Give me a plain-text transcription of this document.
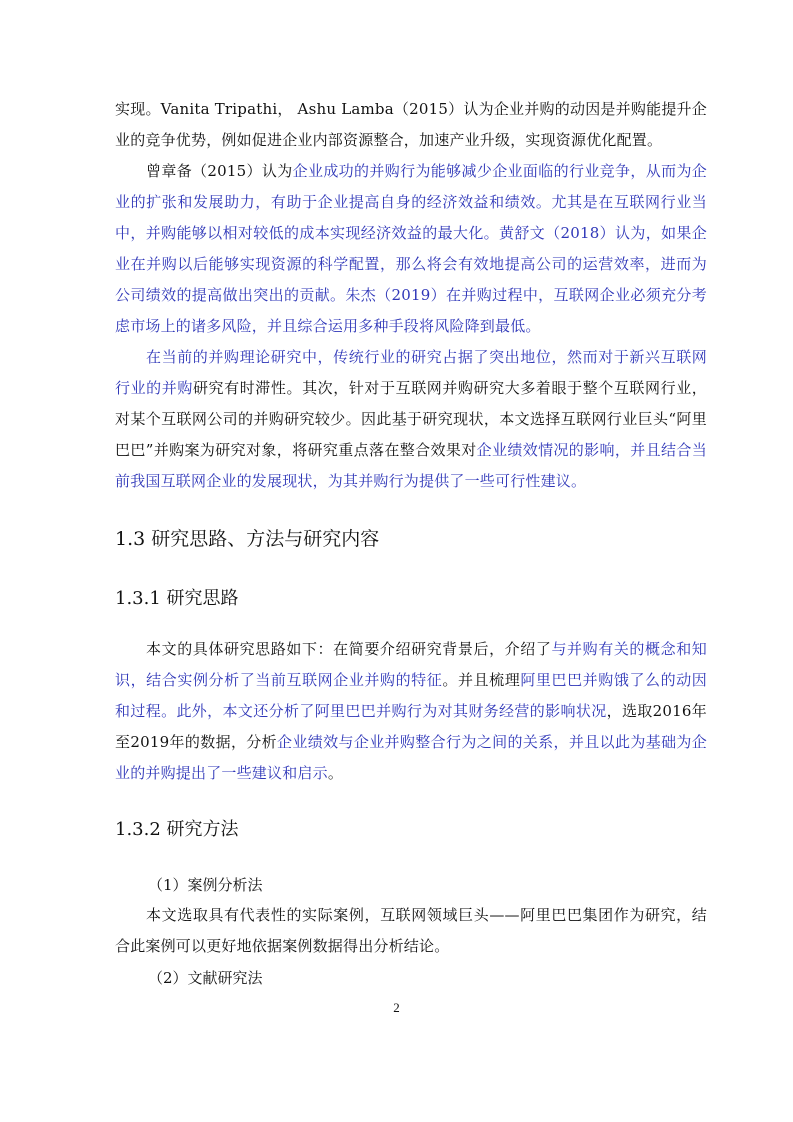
实现。Vanita Tripathi， Ashu Lamba（2015）认为企业并购的动因是并购能提升企业的竞争优势，例如促进企业内部资源整合，加速产业升级，实现资源优化配置。
曾章备（2015）认为企业成功的并购行为能够减少企业面临的行业竞争，从而为企业的扩张和发展助力，有助于企业提高自身的经济效益和绩效。尤其是在互联网行业当中，并购能够以相对较低的成本实现经济效益的最大化。黄舒文（2018）认为，如果企业在并购以后能够实现资源的科学配置，那么将会有效地提高公司的运营效率，进而为公司绩效的提高做出突出的贡献。朱杰（2019）在并购过程中，互联网企业必须充分考虑市场上的诸多风险，并且综合运用多种手段将风险降到最低。
在当前的并购理论研究中，传统行业的研究占据了突出地位，然而对于新兴互联网行业的并购研究有时滞性。其次，针对于互联网并购研究大多着眼于整个互联网行业，对某个互联网公司的并购研究较少。因此基于研究现状，本文选择互联网行业巨头“阿里巴巴”并购案为研究对象，将研究重点落在整合效果对企业绩效情况的影响，并且结合当前我国互联网企业的发展现状，为其并购行为提供了一些可行性建议。
1.3 研究思路、方法与研究内容
1.3.1 研究思路
本文的具体研究思路如下：在简要介绍研究背景后，介绍了与并购有关的概念和知识，结合实例分析了当前互联网企业并购的特征。并且梳理阿里巴巴并购饿了么的动因和过程。此外，本文还分析了阿里巴巴并购行为对其财务经营的影响状况，选取2016年至2019年的数据，分析企业绩效与企业并购整合行为之间的关系，并且以此为基础为企业的并购提出了一些建议和启示。
1.3.2 研究方法
（1）案例分析法
本文选取具有代表性的实际案例，互联网领域巨头——阿里巴巴集团作为研究，结合此案例可以更好地依据案例数据得出分析结论。
（2）文献研究法
2
